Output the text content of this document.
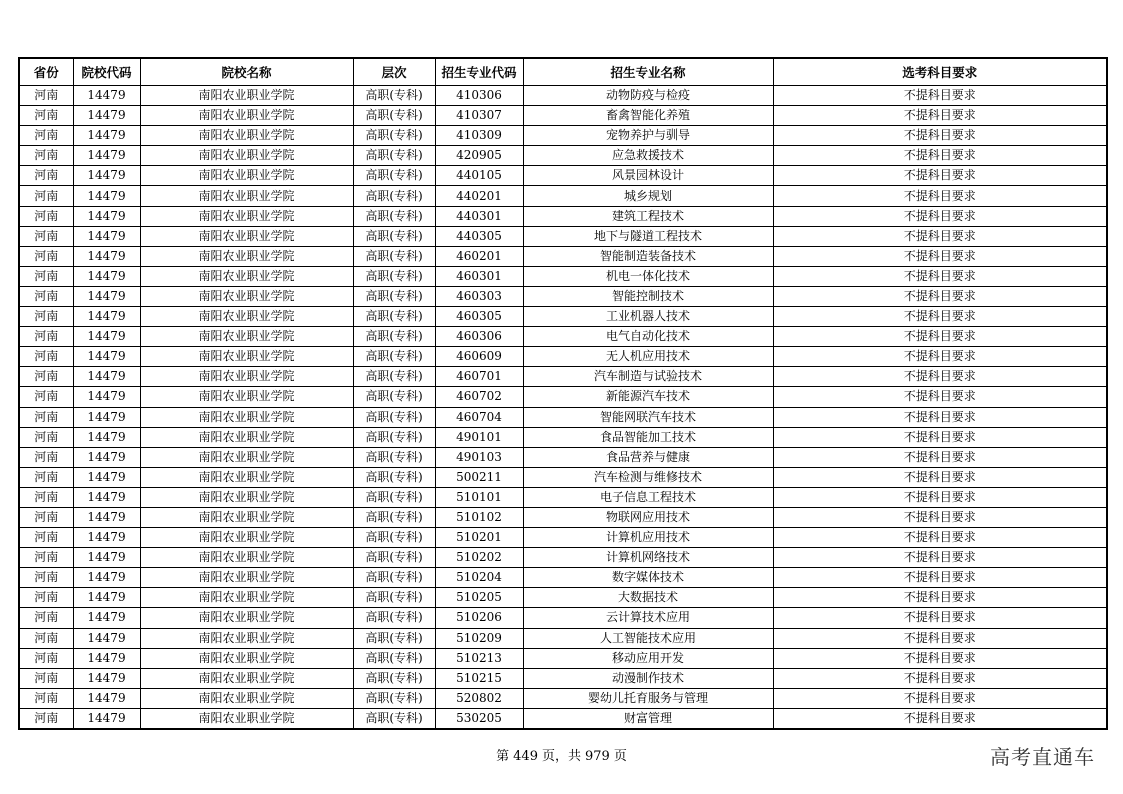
省份	院校代码	院校名称	层次	招生专业代码	招生专业名称	选考科目要求
河南	14479	南阳农业职业学院	高职(专科)	410306	动物防疫与检疫	不提科目要求
河南	14479	南阳农业职业学院	高职(专科)	410307	畜禽智能化养殖	不提科目要求
河南	14479	南阳农业职业学院	高职(专科)	410309	宠物养护与驯导	不提科目要求
河南	14479	南阳农业职业学院	高职(专科)	420905	应急救援技术	不提科目要求
河南	14479	南阳农业职业学院	高职(专科)	440105	风景园林设计	不提科目要求
河南	14479	南阳农业职业学院	高职(专科)	440201	城乡规划	不提科目要求
河南	14479	南阳农业职业学院	高职(专科)	440301	建筑工程技术	不提科目要求
河南	14479	南阳农业职业学院	高职(专科)	440305	地下与隧道工程技术	不提科目要求
河南	14479	南阳农业职业学院	高职(专科)	460201	智能制造装备技术	不提科目要求
河南	14479	南阳农业职业学院	高职(专科)	460301	机电一体化技术	不提科目要求
河南	14479	南阳农业职业学院	高职(专科)	460303	智能控制技术	不提科目要求
河南	14479	南阳农业职业学院	高职(专科)	460305	工业机器人技术	不提科目要求
河南	14479	南阳农业职业学院	高职(专科)	460306	电气自动化技术	不提科目要求
河南	14479	南阳农业职业学院	高职(专科)	460609	无人机应用技术	不提科目要求
河南	14479	南阳农业职业学院	高职(专科)	460701	汽车制造与试验技术	不提科目要求
河南	14479	南阳农业职业学院	高职(专科)	460702	新能源汽车技术	不提科目要求
河南	14479	南阳农业职业学院	高职(专科)	460704	智能网联汽车技术	不提科目要求
河南	14479	南阳农业职业学院	高职(专科)	490101	食品智能加工技术	不提科目要求
河南	14479	南阳农业职业学院	高职(专科)	490103	食品营养与健康	不提科目要求
河南	14479	南阳农业职业学院	高职(专科)	500211	汽车检测与维修技术	不提科目要求
河南	14479	南阳农业职业学院	高职(专科)	510101	电子信息工程技术	不提科目要求
河南	14479	南阳农业职业学院	高职(专科)	510102	物联网应用技术	不提科目要求
河南	14479	南阳农业职业学院	高职(专科)	510201	计算机应用技术	不提科目要求
河南	14479	南阳农业职业学院	高职(专科)	510202	计算机网络技术	不提科目要求
河南	14479	南阳农业职业学院	高职(专科)	510204	数字媒体技术	不提科目要求
河南	14479	南阳农业职业学院	高职(专科)	510205	大数据技术	不提科目要求
河南	14479	南阳农业职业学院	高职(专科)	510206	云计算技术应用	不提科目要求
河南	14479	南阳农业职业学院	高职(专科)	510209	人工智能技术应用	不提科目要求
河南	14479	南阳农业职业学院	高职(专科)	510213	移动应用开发	不提科目要求
河南	14479	南阳农业职业学院	高职(专科)	510215	动漫制作技术	不提科目要求
河南	14479	南阳农业职业学院	高职(专科)	520802	婴幼儿托育服务与管理	不提科目要求
河南	14479	南阳农业职业学院	高职(专科)	530205	财富管理	不提科目要求
第 449 页，共 979 页	高考直通车
